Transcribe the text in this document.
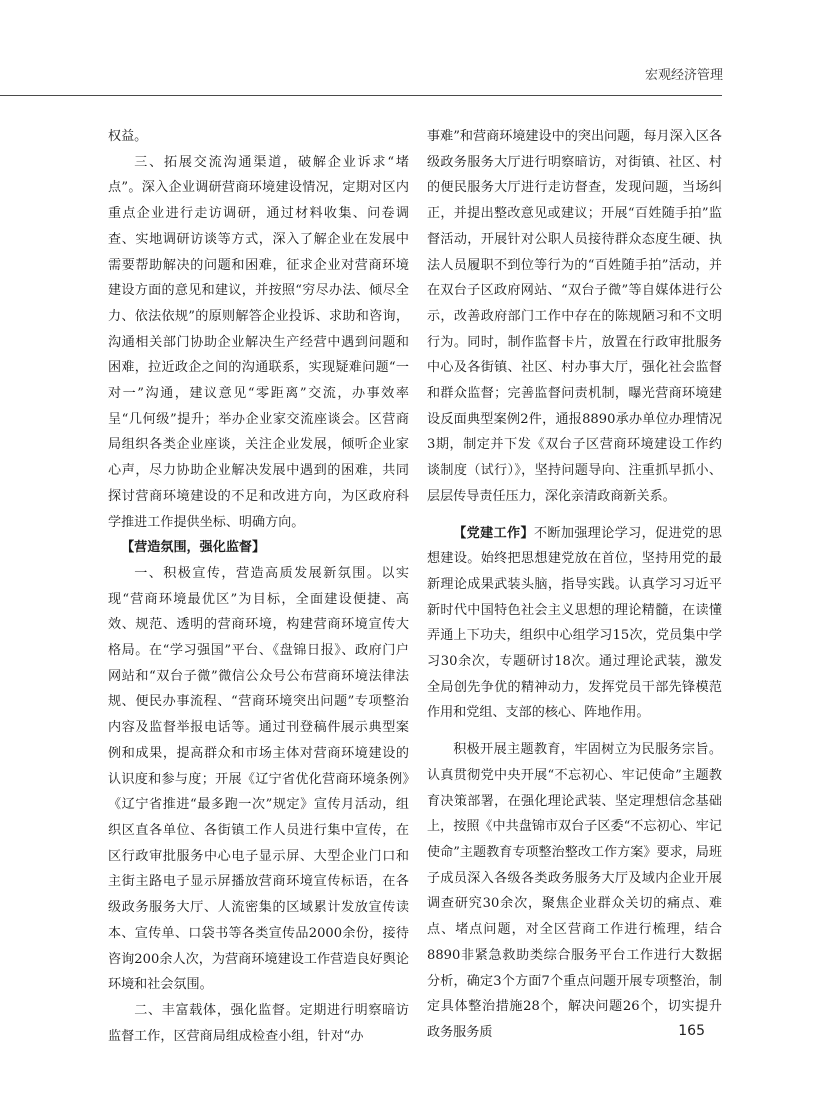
宏观经济管理

权益。

三、拓展交流沟通渠道，破解企业诉求“堵点”。深入企业调研营商环境建设情况，定期对区内重点企业进行走访调研，通过材料收集、问卷调查、实地调研访谈等方式，深入了解企业在发展中需要帮助解决的问题和困难，征求企业对营商环境建设方面的意见和建议，并按照“穷尽办法、倾尽全力、依法依规”的原则解答企业投诉、求助和咨询，沟通相关部门协助企业解决生产经营中遇到问题和困难，拉近政企之间的沟通联系，实现疑难问题“一对一”沟通，建议意见“零距离”交流，办事效率呈“几何级”提升；举办企业家交流座谈会。区营商局组织各类企业座谈，关注企业发展，倾听企业家心声，尽力协助企业解决发展中遇到的困难，共同探讨营商环境建设的不足和改进方向，为区政府科学推进工作提供坐标、明确方向。

【营造氛围，强化监督】

一、积极宣传，营造高质发展新氛围。以实现“营商环境最优区”为目标，全面建设便捷、高效、规范、透明的营商环境，构建营商环境宣传大格局。在“学习强国”平台、《盘锦日报》、政府门户网站和“双台子微”微信公众号公布营商环境法律法规、便民办事流程、“营商环境突出问题”专项整治内容及监督举报电话等。通过刊登稿件展示典型案例和成果，提高群众和市场主体对营商环境建设的认识度和参与度；开展《辽宁省优化营商环境条例》《辽宁省推进“最多跑一次”规定》宣传月活动，组织区直各单位、各街镇工作人员进行集中宣传，在区行政审批服务中心电子显示屏、大型企业门口和主街主路电子显示屏播放营商环境宣传标语，在各级政务服务大厅、人流密集的区域累计发放宣传读本、宣传单、口袋书等各类宣传品2000余份，接待咨询200余人次，为营商环境建设工作营造良好舆论环境和社会氛围。

二、丰富载体，强化监督。定期进行明察暗访监督工作，区营商局组成检查小组，针对“办

事难”和营商环境建设中的突出问题，每月深入区各级政务服务大厅进行明察暗访，对街镇、社区、村的便民服务大厅进行走访督查，发现问题，当场纠正，并提出整改意见或建议；开展“百姓随手拍”监督活动，开展针对公职人员接待群众态度生硬、执法人员履职不到位等行为的“百姓随手拍”活动，并在双台子区政府网站、“双台子微”等自媒体进行公示，改善政府部门工作中存在的陈规陋习和不文明行为。同时，制作监督卡片，放置在行政审批服务中心及各街镇、社区、村办事大厅，强化社会监督和群众监督；完善监督问责机制，曝光营商环境建设反面典型案例2件，通报8890承办单位办理情况3期，制定并下发《双台子区营商环境建设工作约谈制度（试行）》，坚持问题导向、注重抓早抓小、层层传导责任压力，深化亲清政商新关系。

【党建工作】不断加强理论学习，促进党的思想建设。始终把思想建党放在首位，坚持用党的最新理论成果武装头脑，指导实践。认真学习习近平新时代中国特色社会主义思想的理论精髓，在读懂弄通上下功夫，组织中心组学习15次，党员集中学习30余次，专题研讨18次。通过理论武装，激发全局创先争优的精神动力，发挥党员干部先锋模范作用和党组、支部的核心、阵地作用。

积极开展主题教育，牢固树立为民服务宗旨。认真贯彻党中央开展“不忘初心、牢记使命”主题教育决策部署，在强化理论武装、坚定理想信念基础上，按照《中共盘锦市双台子区委“不忘初心、牢记使命”主题教育专项整治整改工作方案》要求，局班子成员深入各级各类政务服务大厅及域内企业开展调查研究30余次，聚焦企业群众关切的痛点、难点、堵点问题，对全区营商工作进行梳理，结合8890非紧急救助类综合服务平台工作进行大数据分析，确定3个方面7个重点问题开展专项整治，制定具体整治措施28个，解决问题26个，切实提升政务服务质	165
